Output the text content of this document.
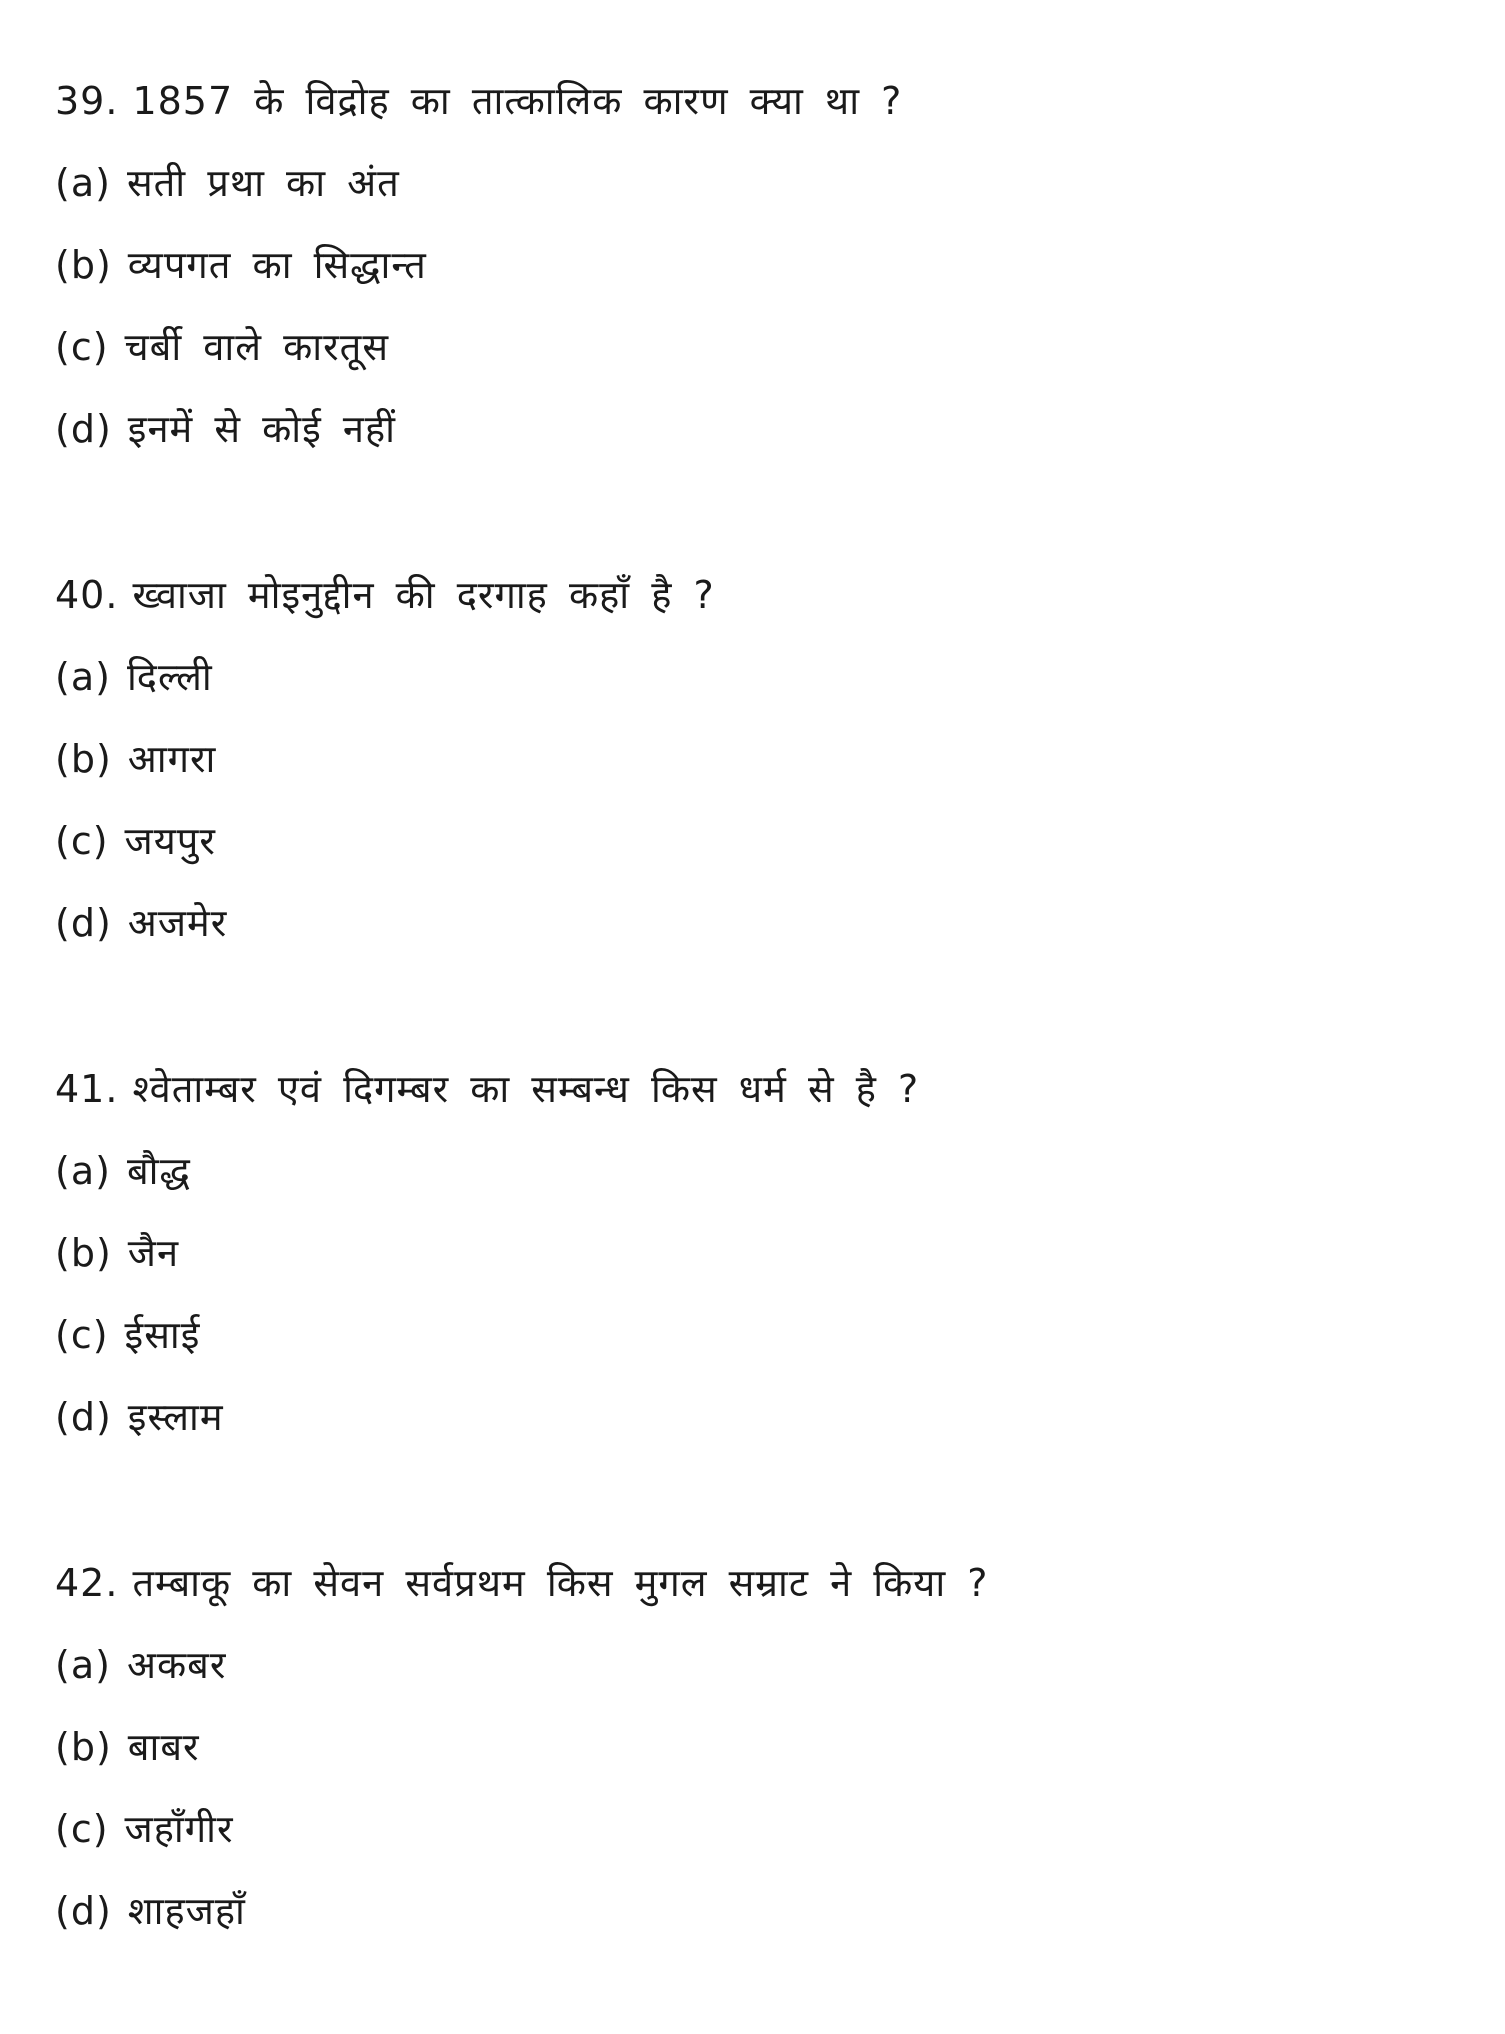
39. 1857 के विद्रोह का तात्कालिक कारण क्या था ?
(a) सती प्रथा का अंत
(b) व्यपगत का सिद्धान्त
(c) चर्बी वाले कारतूस
(d) इनमें से कोई नहीं
40. ख्वाजा मोइनुद्दीन की दरगाह कहाँ है ?
(a) दिल्ली
(b) आगरा
(c) जयपुर
(d) अजमेर
41. श्वेताम्बर एवं दिगम्बर का सम्बन्ध किस धर्म से है ?
(a) बौद्ध
(b) जैन
(c) ईसाई
(d) इस्लाम
42. तम्बाकू का सेवन सर्वप्रथम किस मुगल सम्राट ने किया ?
(a) अकबर
(b) बाबर
(c) जहाँगीर
(d) शाहजहाँ
